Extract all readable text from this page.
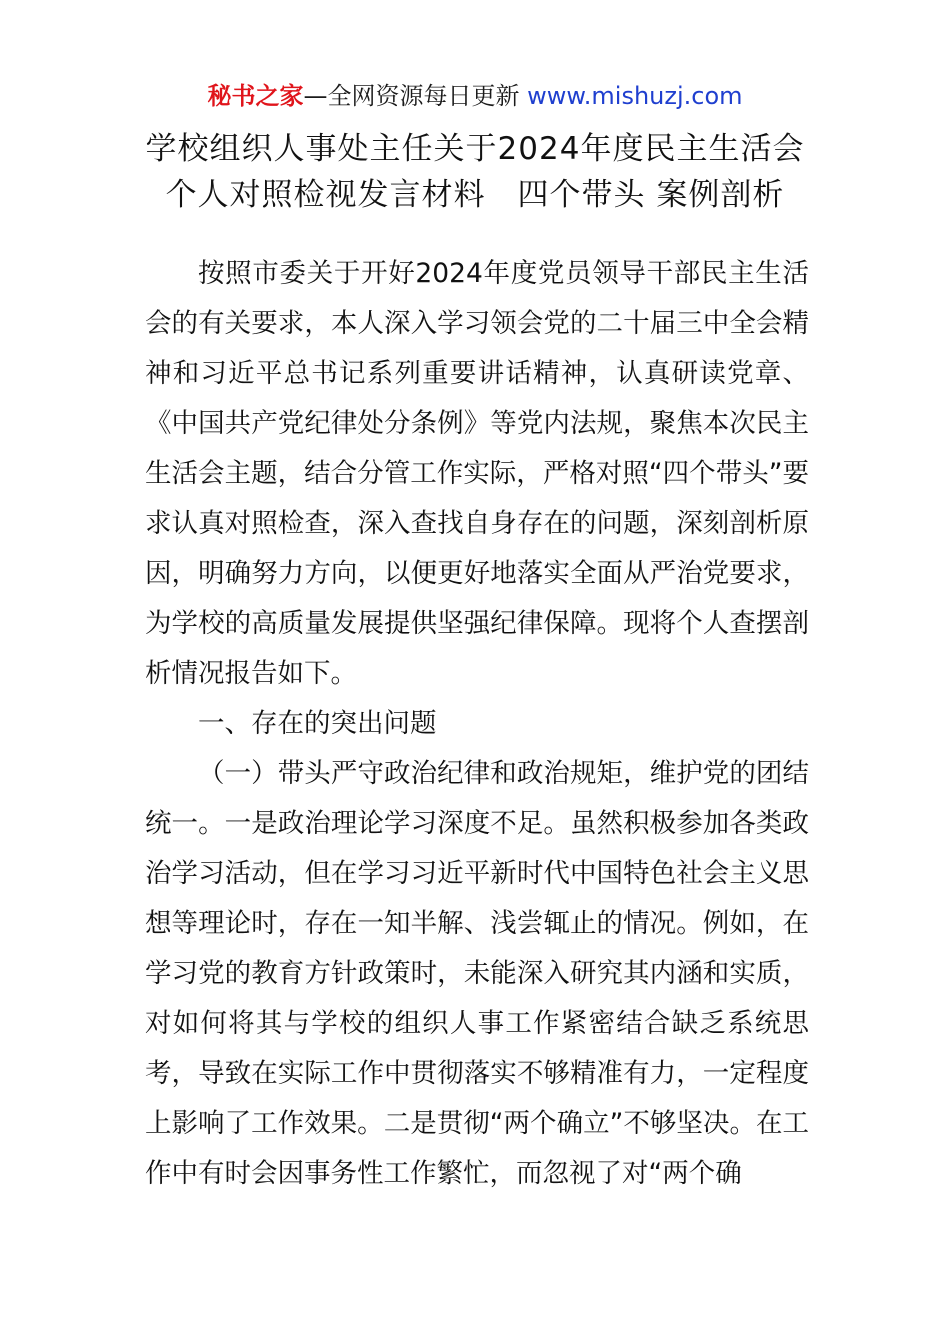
秘书之家—全网资源每日更新 www.mishuzj.com
学校组织人事处主任关于2024年度民主生活会
个人对照检视发言材料　四个带头 案例剖析

按照市委关于开好2024年度党员领导干部民主生活会的有关要求，本人深入学习领会党的二十届三中全会精神和习近平总书记系列重要讲话精神，认真研读党章、《中国共产党纪律处分条例》等党内法规，聚焦本次民主生活会主题，结合分管工作实际，严格对照“四个带头”要求认真对照检查，深入查找自身存在的问题，深刻剖析原因，明确努力方向，以便更好地落实全面从严治党要求，为学校的高质量发展提供坚强纪律保障。现将个人查摆剖析情况报告如下。

一、存在的突出问题

（一）带头严守政治纪律和政治规矩，维护党的团结统一。一是政治理论学习深度不足。虽然积极参加各类政治学习活动，但在学习习近平新时代中国特色社会主义思想等理论时，存在一知半解、浅尝辄止的情况。例如，在学习党的教育方针政策时，未能深入研究其内涵和实质，对如何将其与学校的组织人事工作紧密结合缺乏系统思考，导致在实际工作中贯彻落实不够精准有力，一定程度上影响了工作效果。二是贯彻“两个确立”不够坚决。在工作中有时会因事务性工作繁忙，而忽视了对“两个确
